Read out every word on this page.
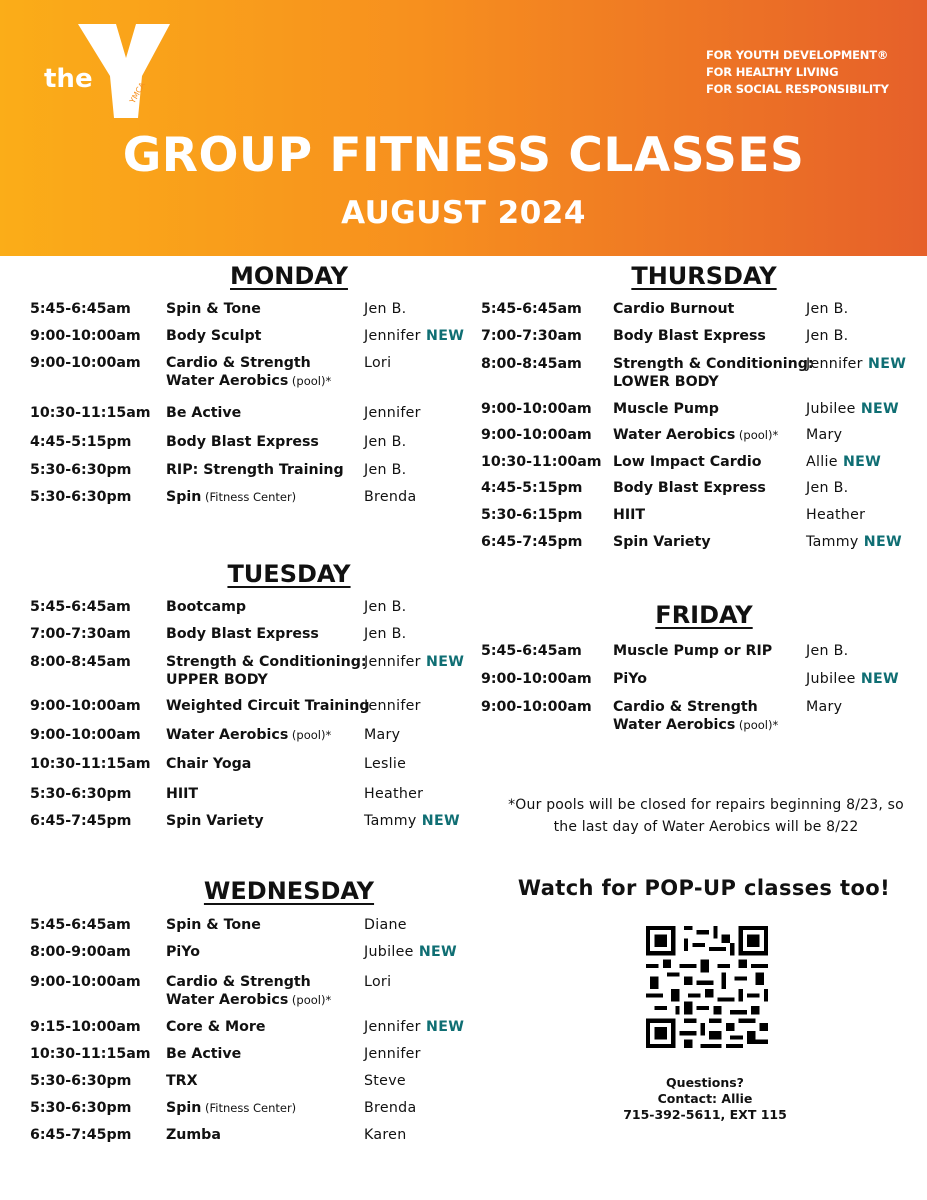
the	YMCA
FOR YOUTH DEVELOPMENT®
FOR HEALTHY LIVING
FOR SOCIAL RESPONSIBILITY
GROUP FITNESS CLASSES
AUGUST 2024
MONDAY
5:45-6:45am Spin & Tone	Jen B.
9:00-10:00am Body Sculpt	Jennifer NEW
9:00-10:00am Cardio & Strength
Water Aerobics (pool)*
Lori
10:30-11:15am Be Active	Jennifer
4:45-5:15pm Body Blast Express	Jen B.
5:30-6:30pm RIP: Strength Training Jen B.
5:30-6:30pm Spin (Fitness Center)	Brenda
TUESDAY
5:45-6:45am Bootcamp	Jen B.
7:00-7:30am Body Blast Express	Jen B.
8:00-8:45am Strength & Conditioning:
UPPER BODY
Jennifer NEW
9:00-10:00am Weighted Circuit Training
Jennifer
9:00-10:00am Water Aerobics (pool)* Mary
10:30-11:15am Chair Yoga	Leslie
5:30-6:30pm HIIT	Heather
6:45-7:45pm Spin Variety	Tammy NEW
WEDNESDAY
5:45-6:45am Spin & Tone	Diane
8:00-9:00am PiYo	Jubilee NEW
9:00-10:00am Cardio & Strength
Water Aerobics (pool)*
Lori
9:15-10:00am Core & More	Jennifer NEW
10:30-11:15am Be Active	Jennifer
5:30-6:30pm TRX	Steve
5:30-6:30pm Spin (Fitness Center)	Brenda
6:45-7:45pm Zumba	Karen
THURSDAY
5:45-6:45am Cardio Burnout	Jen B.
7:00-7:30am Body Blast Express	Jen B.
8:00-8:45am Strength & Conditioning:
LOWER BODY
Jennifer NEW
9:00-10:00am Muscle Pump	Jubilee NEW
9:00-10:00am Water Aerobics (pool)* Mary
10:30-11:00am Low Impact Cardio	Allie NEW
4:45-5:15pm Body Blast Express	Jen B.
5:30-6:15pm HIIT	Heather
6:45-7:45pm Spin Variety	Tammy NEW
FRIDAY
5:45-6:45am Muscle Pump or RIP Jen B.
9:00-10:00am PiYo	Jubilee NEW
9:00-10:00am Cardio & Strength
Water Aerobics (pool)*
Mary
*Our pools will be closed for repairs beginning 8/23, so the last day of Water Aerobics will be 8/22
Watch for POP-UP classes too!
Questions?
Contact: Allie
715-392-5611, EXT 115
